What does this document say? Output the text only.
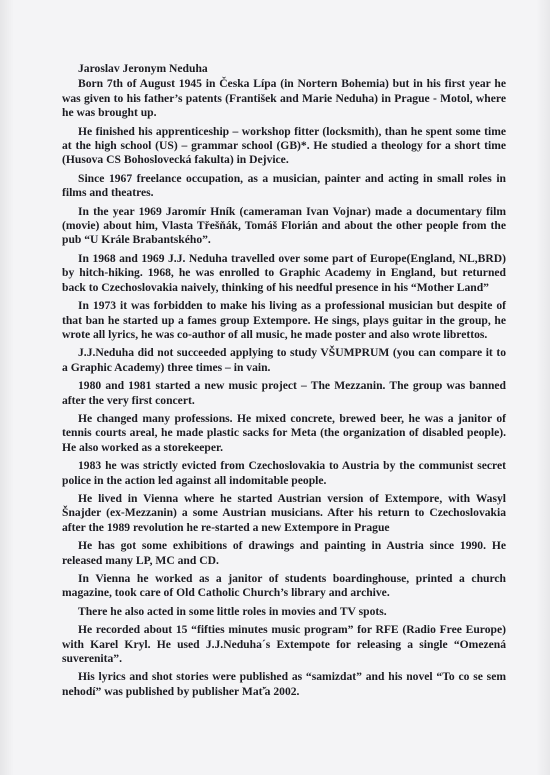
Jaroslav Jeronym Neduha

Born 7th of August 1945 in Česka Lípa (in Nortern Bohemia) but in his first year he was given to his father’s patents (František and Marie Neduha) in Prague - Motol, where he was brought up.

He finished his apprenticeship – workshop fitter (locksmith), than he spent some time at the high school (US) – grammar school (GB)*. He studied a theology for a short time (Husova CS Bohoslovecká fakulta) in Dejvice.

Since 1967 freelance occupation, as a musician, painter and acting in small roles in films and theatres.

In the year 1969 Jaromír Hník (cameraman Ivan Vojnar) made a documentary film (movie) about him, Vlasta Třešňák, Tomáš Florián and about the other people from the pub “U Krále Brabantského”.

In 1968 and 1969 J.J. Neduha travelled over some part of Europe(England, NL,BRD) by hitch-hiking. 1968, he was enrolled to Graphic Academy in England, but returned back to Czechoslovakia naively, thinking of his needful presence in his “Mother Land”

In 1973 it was forbidden to make his living as a professional musician but despite of that ban he started up a fames group Extempore. He sings, plays guitar in the group, he wrote all lyrics, he was co-author of all music, he made poster and also wrote librettos.

J.J.Neduha did not succeeded applying to study VŠUMPRUM (you can compare it to a Graphic Academy) three times – in vain.

1980 and 1981 started a new music project – The Mezzanin. The group was banned after the very first concert.

He changed many professions. He mixed concrete, brewed beer, he was a janitor of tennis courts areal, he made plastic sacks for Meta (the organization of disabled people). He also worked as a storekeeper.

1983 he was strictly evicted from Czechoslovakia to Austria by the communist secret police in the action led against all indomitable people.

He lived in Vienna where he started Austrian version of Extempore, with Wasyl Šnajder (ex-Mezzanin) a some Austrian musicians. After his return to Czechoslovakia after the 1989 revolution he re-started a new Extempore in Prague

He has got some exhibitions of drawings and painting in Austria since 1990. He released many LP, MC and CD.

In Vienna he worked as a janitor of students boardinghouse, printed a church magazine, took care of Old Catholic Church’s library and archive.

There he also acted in some little roles in movies and TV spots.

He recorded about 15 “fifties minutes music program” for RFE (Radio Free Europe) with Karel Kryl. He used J.J.Neduha´s Extempote for releasing a single “Omezená suverenita”.

His lyrics and shot stories were published as “samizdat” and his novel “To co se sem nehodí” was published by publisher Mať̌a 2002.
